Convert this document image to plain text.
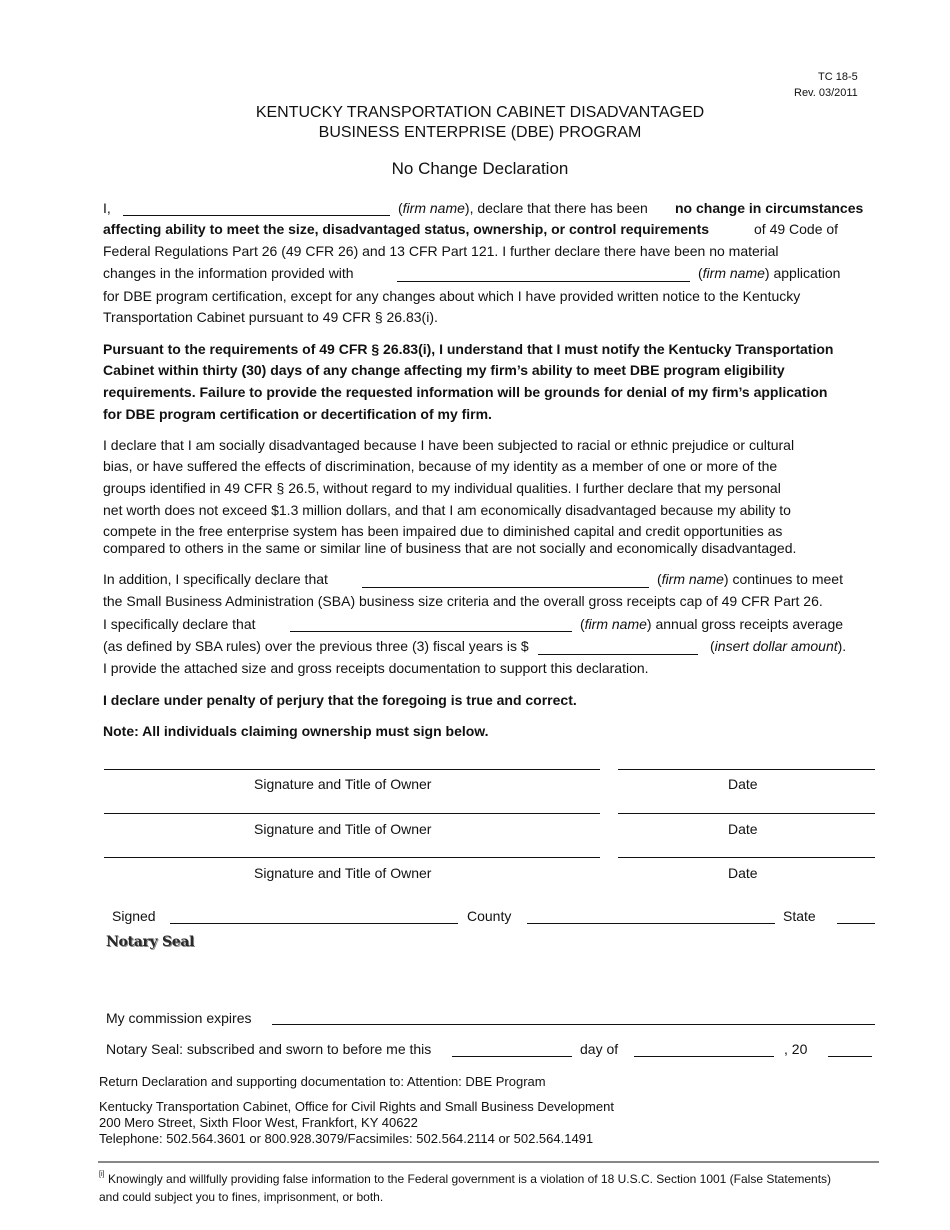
TC 18-5
Rev. 03/2011
KENTUCKY TRANSPORTATION CABINET DISADVANTAGED
BUSINESS ENTERPRISE (DBE) PROGRAM
No Change Declaration
I,	(firm name), declare that there has been no change in circumstances
affecting ability to meet the size, disadvantaged status, ownership, or control requirements	of 49 Code of
Federal Regulations Part 26 (49 CFR 26) and 13 CFR Part 121. I further declare there have been no material
changes in the information provided with	(firm name) application
for DBE program certification, except for any changes about which I have provided written notice to the Kentucky
Transportation Cabinet pursuant to 49 CFR § 26.83(i).
Pursuant to the requirements of 49 CFR § 26.83(i), I understand that I must notify the Kentucky Transportation
Cabinet within thirty (30) days of any change affecting my firm’s ability to meet DBE program eligibility
requirements. Failure to provide the requested information will be grounds for denial of my firm’s application
for DBE program certification or decertification of my firm.
I declare that I am socially disadvantaged because I have been subjected to racial or ethnic prejudice or cultural
bias, or have suffered the effects of discrimination, because of my identity as a member of one or more of the
groups identified in 49 CFR § 26.5, without regard to my individual qualities. I further declare that my personal
net worth does not exceed $1.3 million dollars, and that I am economically disadvantaged because my ability to
compete in the free enterprise system has been impaired due to diminished capital and credit opportunities as
compared to others in the same or similar line of business that are not socially and economically disadvantaged.
In addition, I specifically declare that	(firm name) continues to meet
the Small Business Administration (SBA) business size criteria and the overall gross receipts cap of 49 CFR Part 26.
I specifically declare that	(firm name) annual gross receipts average
(as defined by SBA rules) over the previous three (3) fiscal years is $	(insert dollar amount).
I provide the attached size and gross receipts documentation to support this declaration.
I declare under penalty of perjury that the foregoing is true and correct.
Note: All individuals claiming ownership must sign below.
Signature and Title of Owner	Date
Signature and Title of Owner	Date
Signature and Title of Owner	Date
Signed	County	State
Notary Seal
My commission expires
Notary Seal: subscribed and sworn to before me this	day of	, 20
Return Declaration and supporting documentation to: Attention: DBE Program
Kentucky Transportation Cabinet, Office for Civil Rights and Small Business Development
200 Mero Street, Sixth Floor West, Frankfort, KY 40622
Telephone: 502.564.3601 or 800.928.3079/Facsimiles: 502.564.2114 or 502.564.1491
[i] Knowingly and willfully providing false information to the Federal government is a violation of 18 U.S.C. Section 1001 (False Statements)
and could subject you to fines, imprisonment, or both.
